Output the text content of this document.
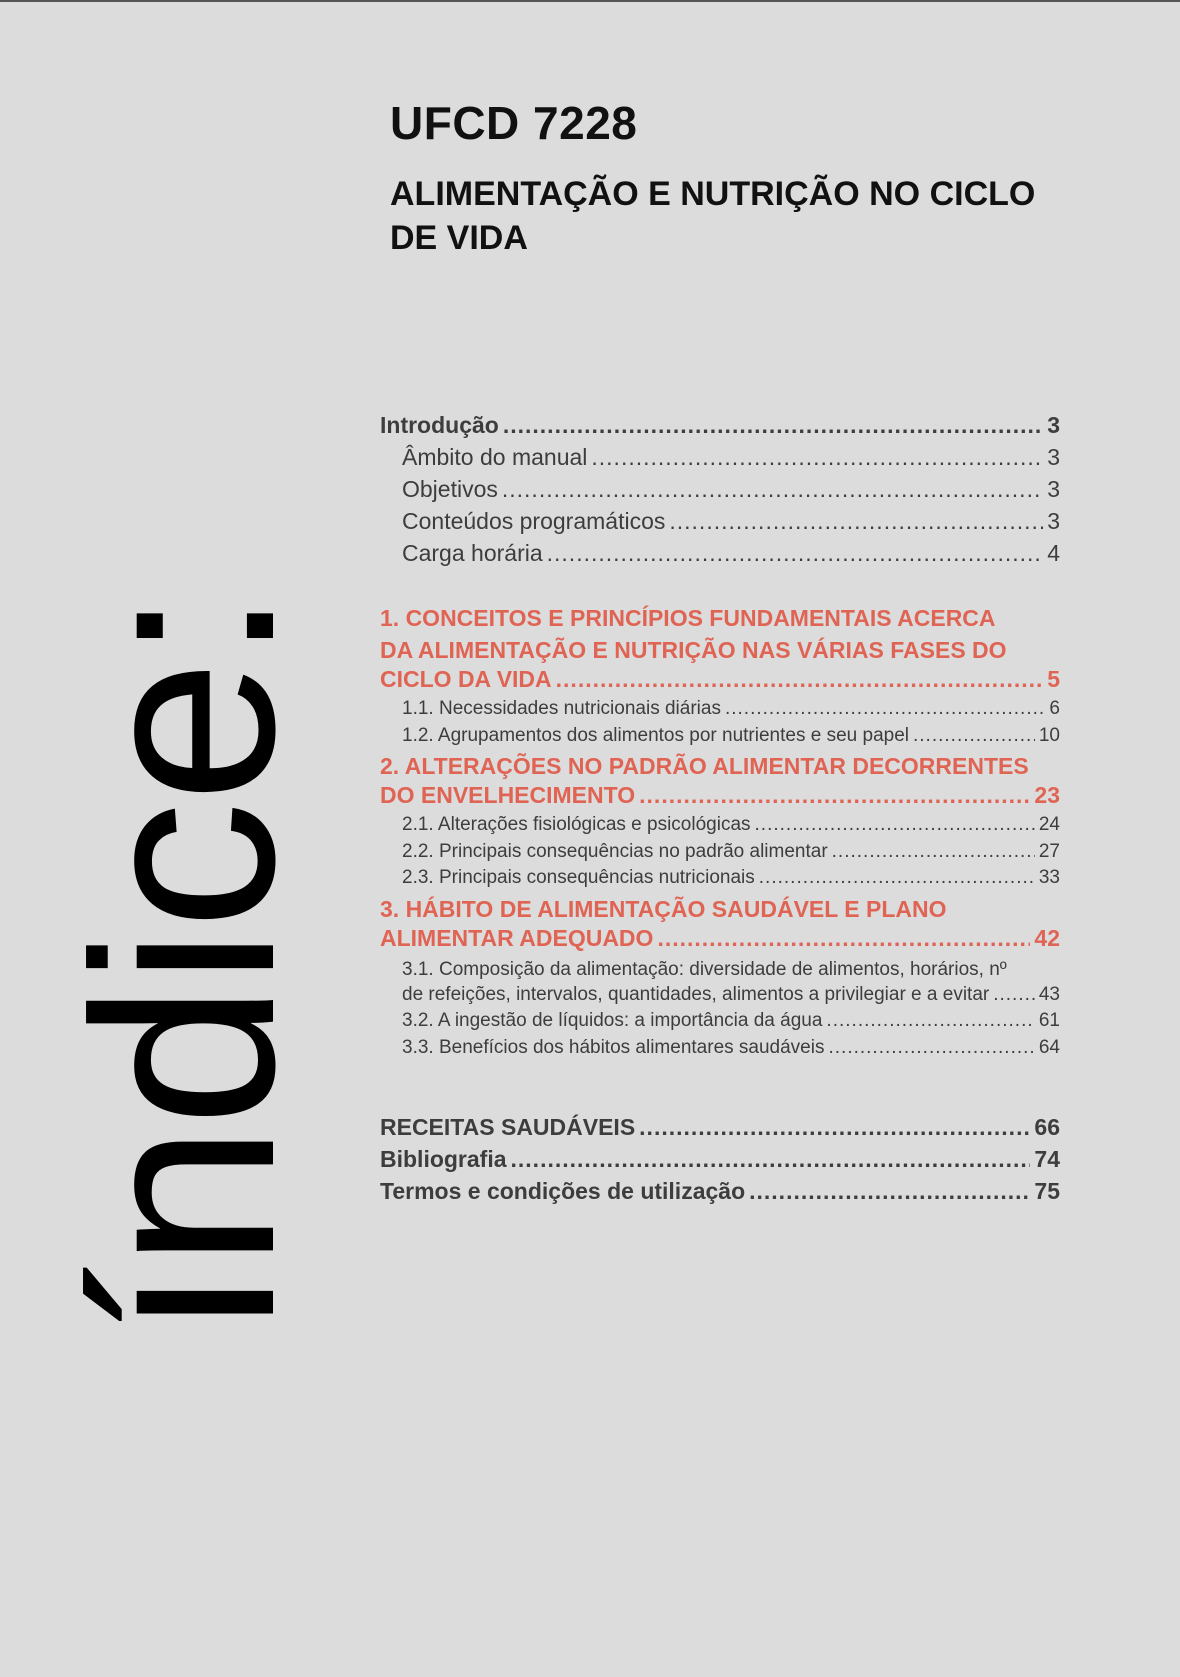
índice:
UFCD 7228
ALIMENTAÇÃO E NUTRIÇÃO NO CICLO DE VIDA
Introdução .....	3
Âmbito do manual .....	3
Objetivos .....	3
Conteúdos programáticos .....	3
Carga horária .....	4
1. CONCEITOS E PRINCÍPIOS FUNDAMENTAIS ACERCA
DA ALIMENTAÇÃO E NUTRIÇÃO NAS VÁRIAS FASES DO
CICLO DA VIDA .....	5
1.1. Necessidades nutricionais diárias .....	6
1.2. Agrupamentos dos alimentos por nutrientes e seu papel .....	10
2. ALTERAÇÕES NO PADRÃO ALIMENTAR DECORRENTES
DO ENVELHECIMENTO .....	23
2.1. Alterações fisiológicas e psicológicas .....	24
2.2. Principais consequências no padrão alimentar .....	27
2.3. Principais consequências nutricionais .....	33
3. HÁBITO DE ALIMENTAÇÃO SAUDÁVEL E PLANO
ALIMENTAR ADEQUADO .....	42
3.1. Composição da alimentação: diversidade de alimentos, horários, nº
de refeições, intervalos, quantidades, alimentos a privilegiar e a evitar .....	43
3.2. A ingestão de líquidos: a importância da água .....	61
3.3. Benefícios dos hábitos alimentares saudáveis .....	64
RECEITAS SAUDÁVEIS .....	66
Bibliografia .....	74
Termos e condições de utilização .....	75
